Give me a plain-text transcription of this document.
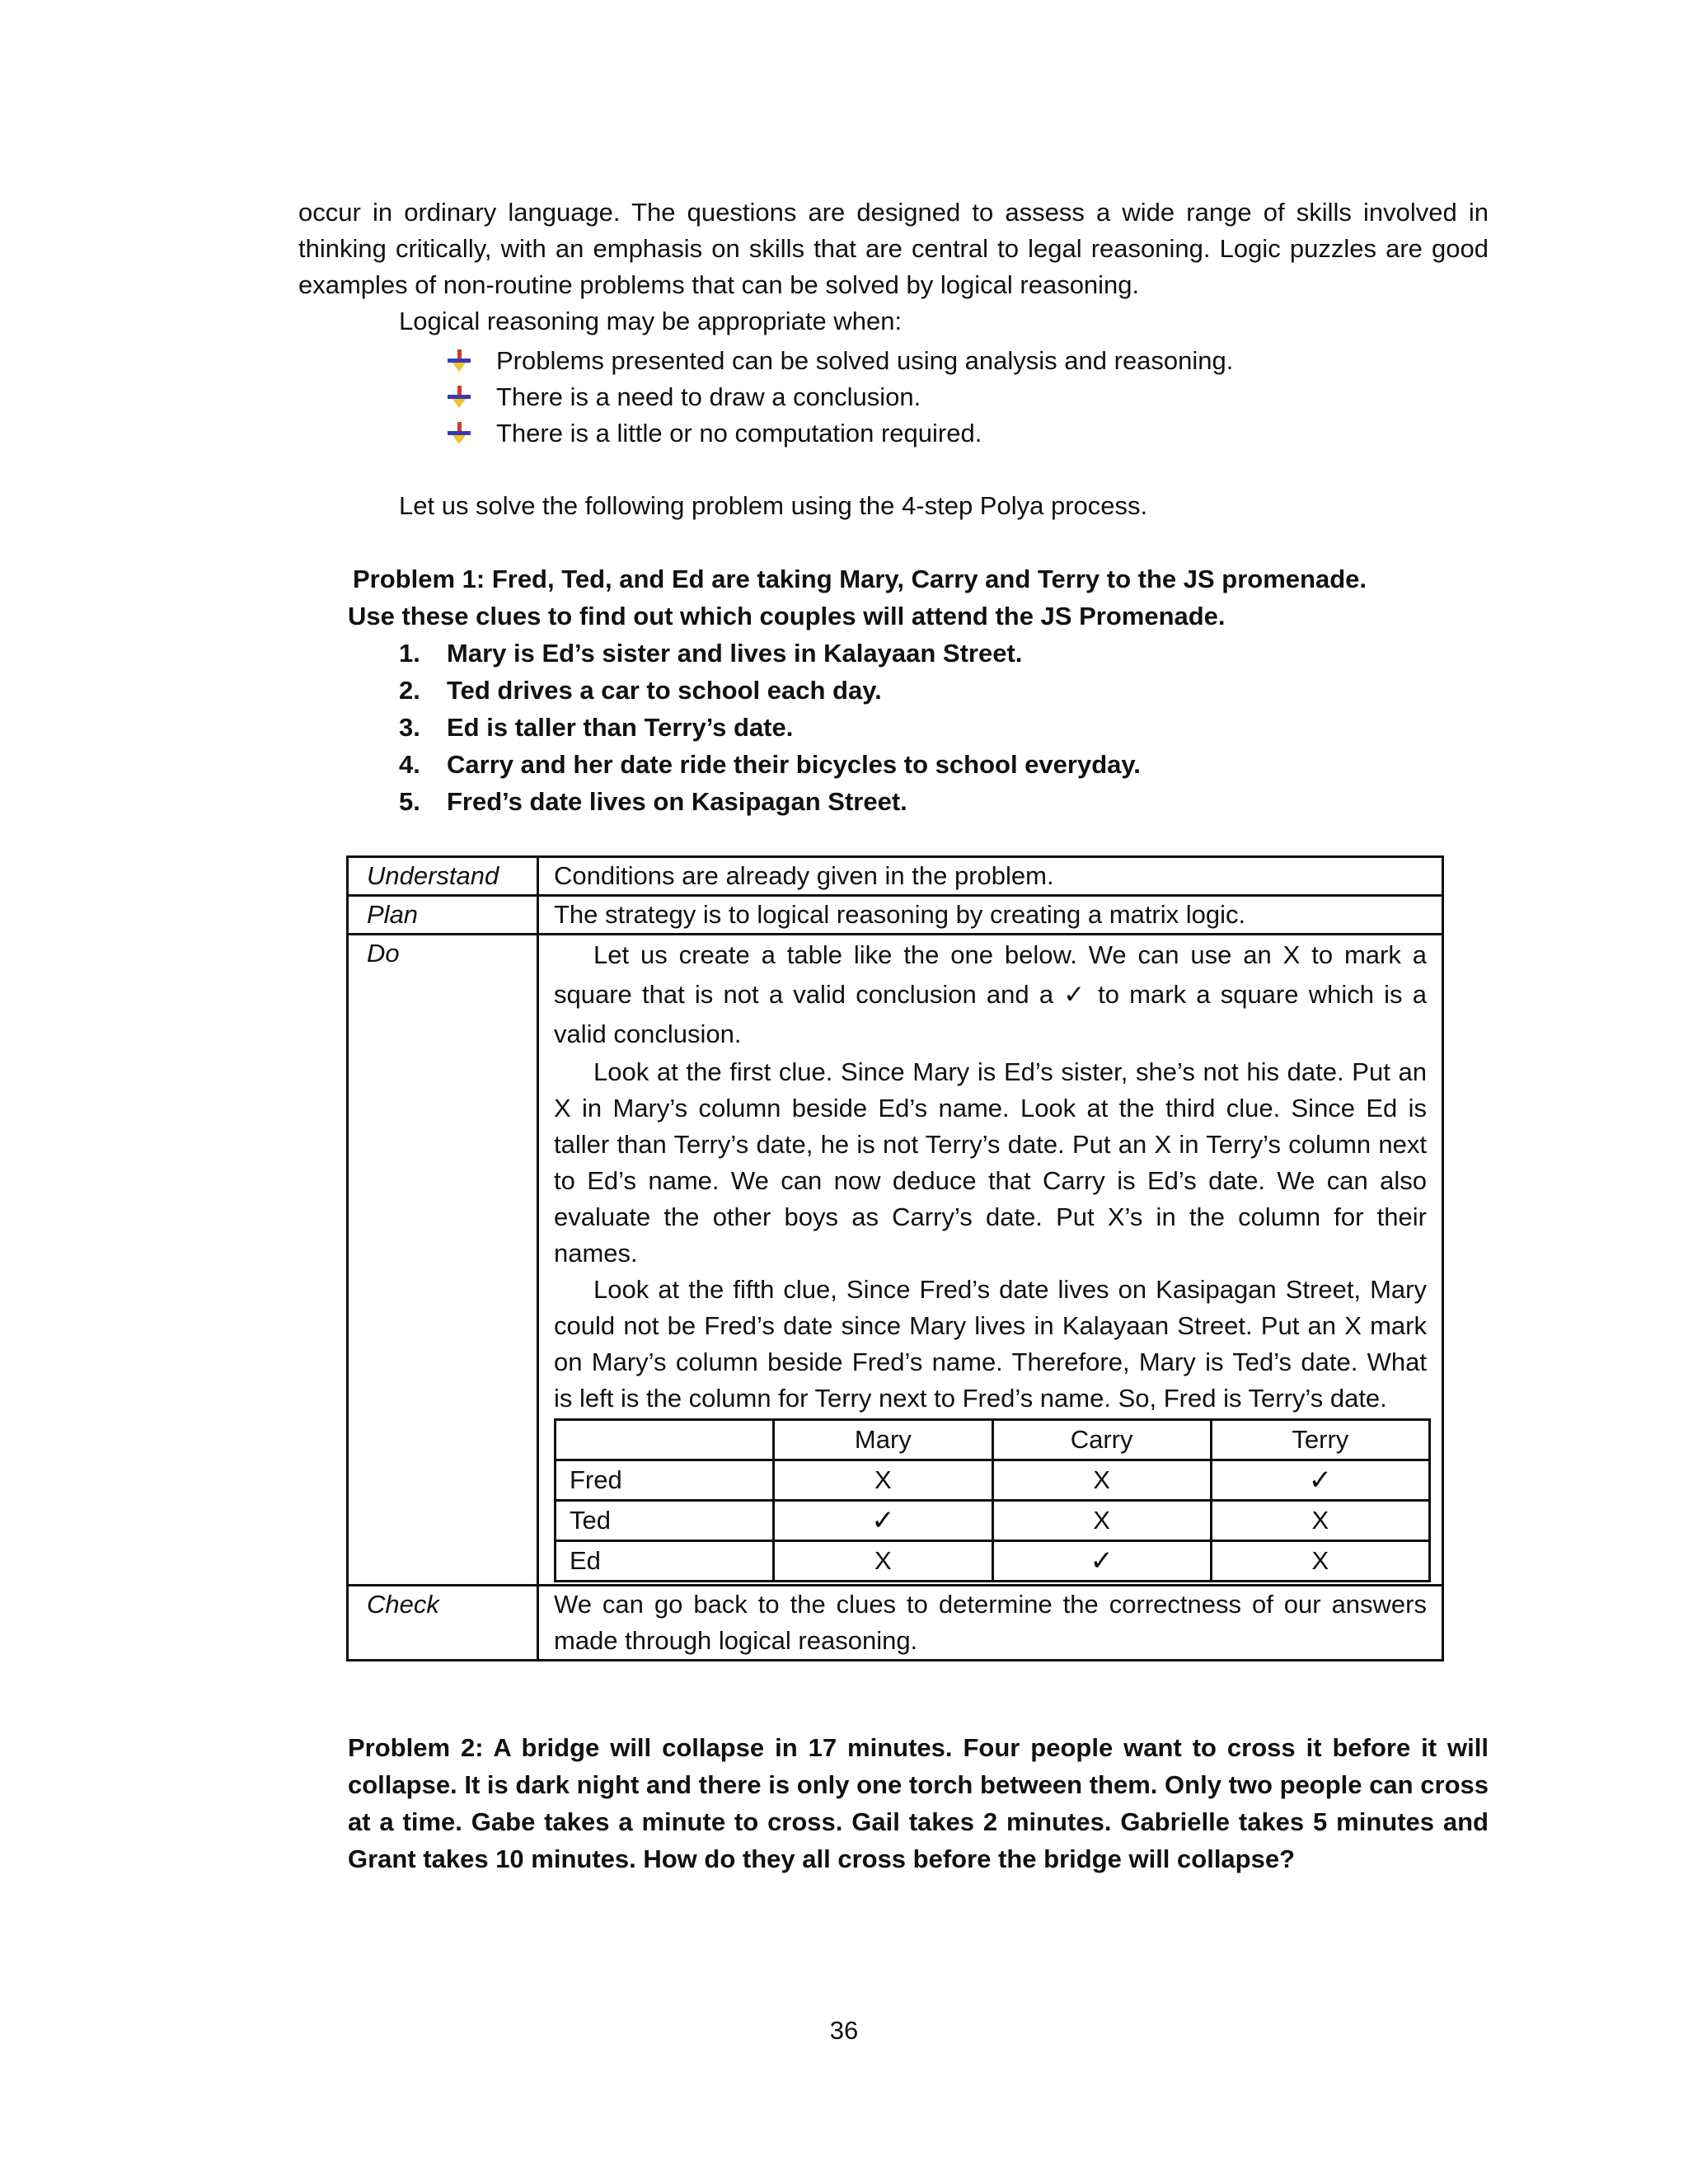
occur in ordinary language. The questions are designed to assess a wide range of skills involved in thinking critically, with an emphasis on skills that are central to legal reasoning. Logic puzzles are good examples of non-routine problems that can be solved by logical reasoning.
Logical reasoning may be appropriate when:
Problems presented can be solved using analysis and reasoning.
There is a need to draw a conclusion.
There is a little or no computation required.
Let us solve the following problem using the 4-step Polya process.
Problem 1: Fred, Ted, and Ed are taking Mary, Carry and Terry to the JS promenade.
Use these clues to find out which couples will attend the JS Promenade.
1.	Mary is Ed’s sister and lives in Kalayaan Street.
2.	Ted drives a car to school each day.
3.	Ed is taller than Terry’s date.
4.	Carry and her date ride their bicycles to school everyday.
5.	Fred’s date lives on Kasipagan Street.
Understand	Conditions are already given in the problem.
Plan	The strategy is to logical reasoning by creating a matrix logic.
Do	Let us create a table like the one below. We can use an X to mark a square that is not a valid conclusion and a ✓ to mark a square which is a valid conclusion.

Look at the first clue. Since Mary is Ed’s sister, she’s not his date. Put an X in Mary’s column beside Ed’s name. Look at the third clue. Since Ed is taller than Terry’s date, he is not Terry’s date. Put an X in Terry’s column next to Ed’s name. We can now deduce that Carry is Ed’s date. We can also evaluate the other boys as Carry’s date. Put X’s in the column for their names.

Look at the fifth clue, Since Fred’s date lives on Kasipagan Street, Mary could not be Fred’s date since Mary lives in Kalayaan Street. Put an X mark on Mary’s column beside Fred’s name. Therefore, Mary is Ted’s date. What is left is the column for Terry next to Fred’s name. So, Fred is Terry’s date.

	Mary	Carry	Terry
Fred	X	X	✓
Ted	✓	X	X
Ed	X	✓	X

Check	We can go back to the clues to determine the correctness of our answers made through logical reasoning.
Problem 2: A bridge will collapse in 17 minutes. Four people want to cross it before it will collapse. It is dark night and there is only one torch between them. Only two people can cross at a time. Gabe takes a minute to cross. Gail takes 2 minutes. Gabrielle takes 5 minutes and Grant takes 10 minutes. How do they all cross before the bridge will collapse?
36
